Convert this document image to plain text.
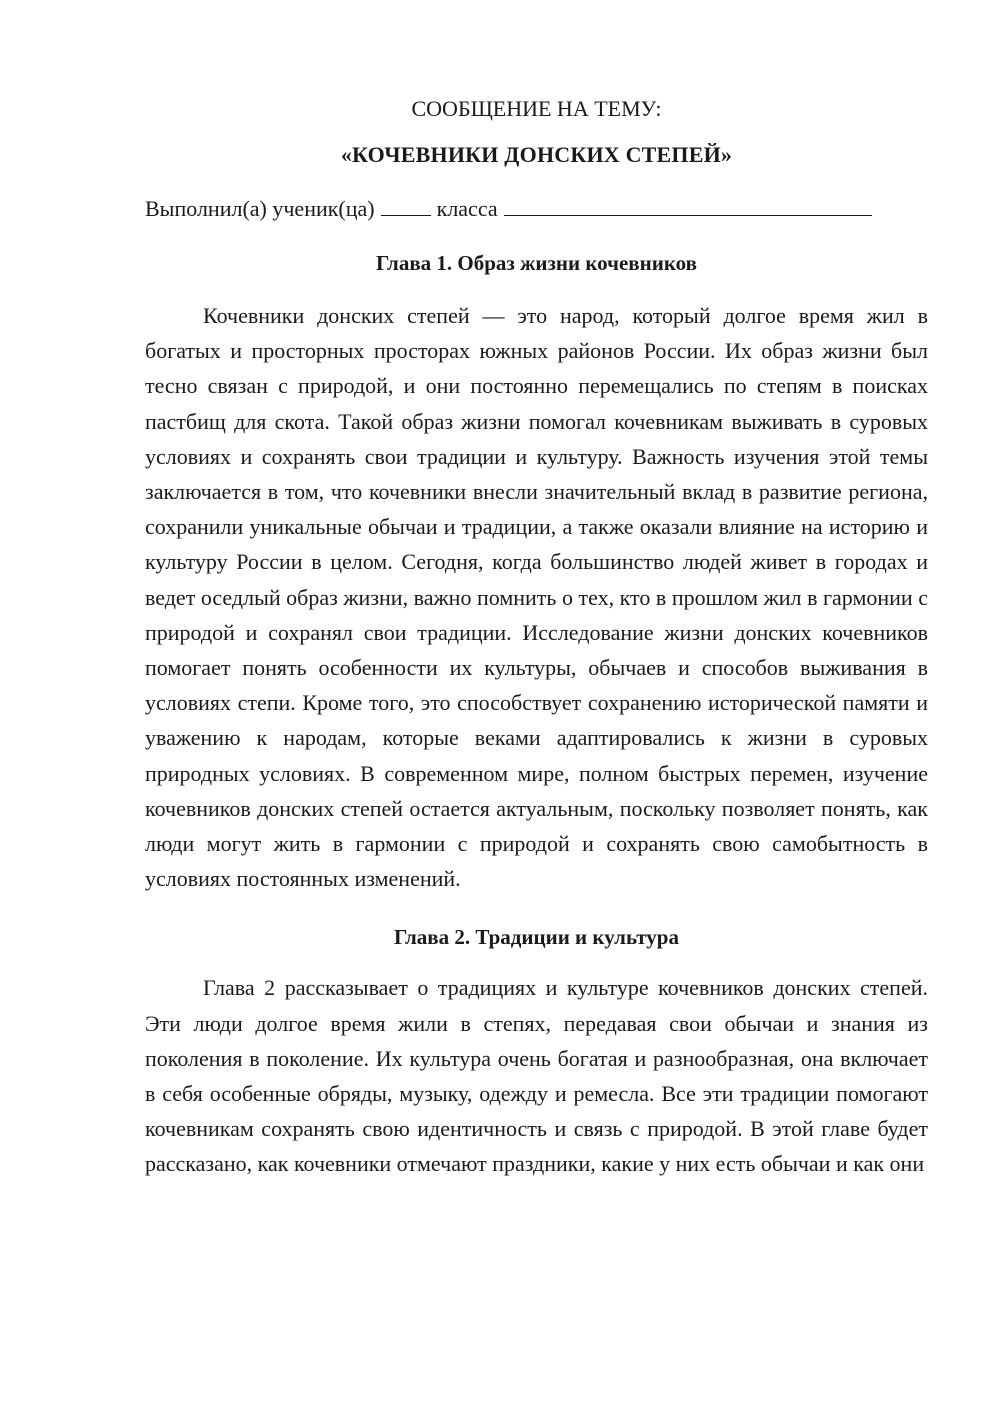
СООБЩЕНИЕ НА ТЕМУ:

«КОЧЕВНИКИ ДОНСКИХ СТЕПЕЙ»

Выполнил(а) ученик(ца)	класса

Глава 1. Образ жизни кочевников

Кочевники донских степей — это народ, который долгое время жил в богатых и просторных просторах южных районов России. Их образ жизни был тесно связан с природой, и они постоянно перемещались по степям в поисках пастбищ для скота. Такой образ жизни помогал кочевникам выживать в суровых условиях и сохранять свои традиции и культуру. Важность изучения этой темы заключается в том, что кочевники внесли значительный вклад в развитие региона, сохранили уникальные обычаи и традиции, а также оказали влияние на историю и культуру России в целом. Сегодня, когда большинство людей живет в городах и ведет оседлый образ жизни, важно помнить о тех, кто в прошлом жил в гармонии с природой и сохранял свои традиции. Исследование жизни донских кочевников помогает понять особенности их культуры, обычаев и способов выживания в условиях степи. Кроме того, это способствует сохранению исторической памяти и уважению к народам, которые веками адаптировались к жизни в суровых природных условиях. В современном мире, полном быстрых перемен, изучение кочевников донских степей остается актуальным, поскольку позволяет понять, как люди могут жить в гармонии с природой и сохранять свою самобытность в условиях постоянных изменений.

Глава 2. Традиции и культура

Глава 2 рассказывает о традициях и культуре кочевников донских степей. Эти люди долгое время жили в степях, передавая свои обычаи и знания из поколения в поколение. Их культура очень богатая и разнообразная, она включает в себя особенные обряды, музыку, одежду и ремесла. Все эти традиции помогают кочевникам сохранять свою идентичность и связь с природой. В этой главе будет рассказано, как кочевники отмечают праздники, какие у них есть обычаи и как они
